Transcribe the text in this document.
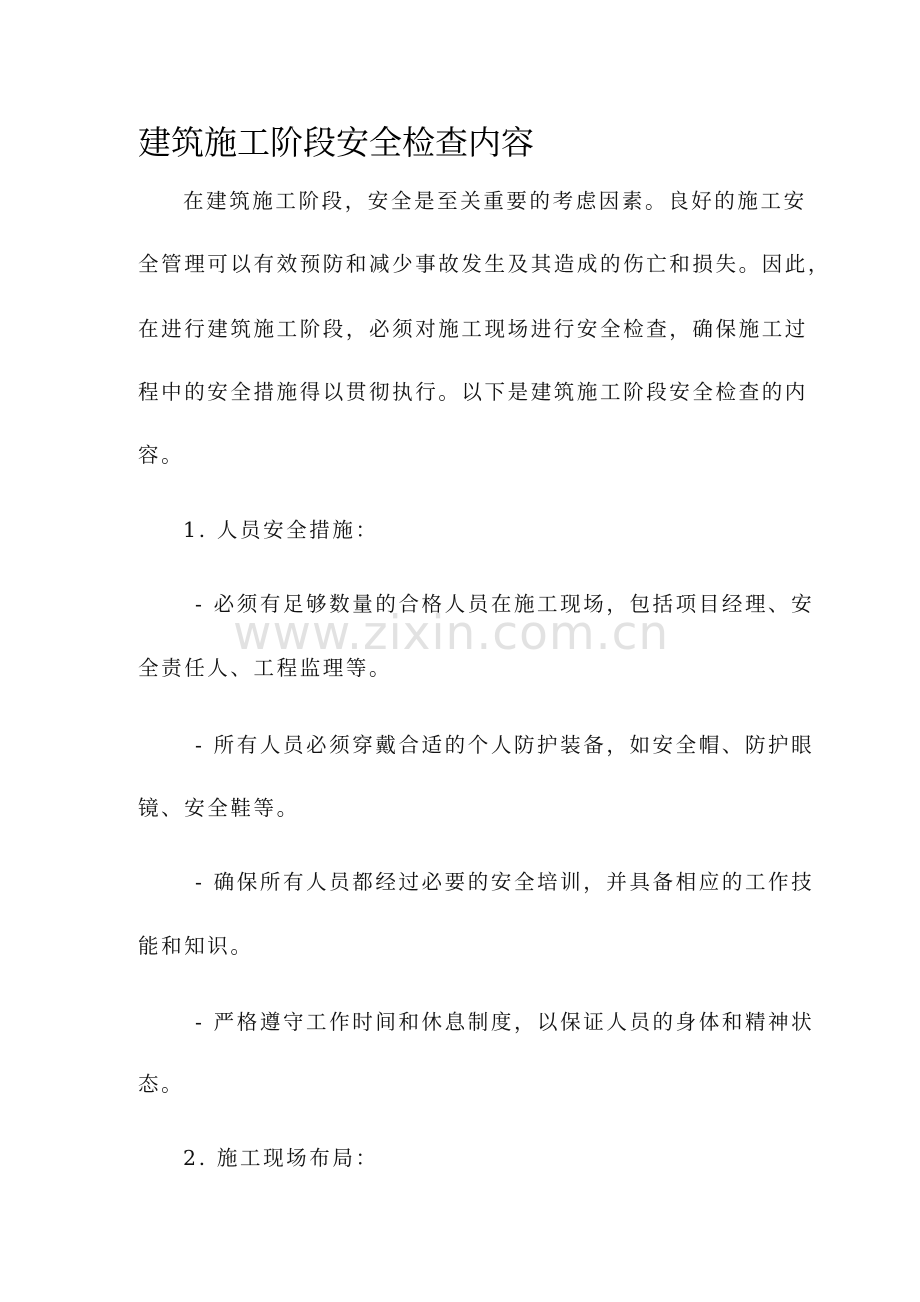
建筑施工阶段安全检查内容

在建筑施工阶段，安全是至关重要的考虑因素。良好的施工安

全管理可以有效预防和减少事故发生及其造成的伤亡和损失。因此，

在进行建筑施工阶段，必须对施工现场进行安全检查，确保施工过

程中的安全措施得以贯彻执行。以下是建筑施工阶段安全检查的内

容。

1. 人员安全措施：

- 必须有足够数量的合格人员在施工现场，包括项目经理、安

全责任人、工程监理等。

- 所有人员必须穿戴合适的个人防护装备，如安全帽、防护眼

镜、安全鞋等。

- 确保所有人员都经过必要的安全培训，并具备相应的工作技

能和知识。

- 严格遵守工作时间和休息制度，以保证人员的身体和精神状

态。

2. 施工现场布局：

www.zixin.com.cn
